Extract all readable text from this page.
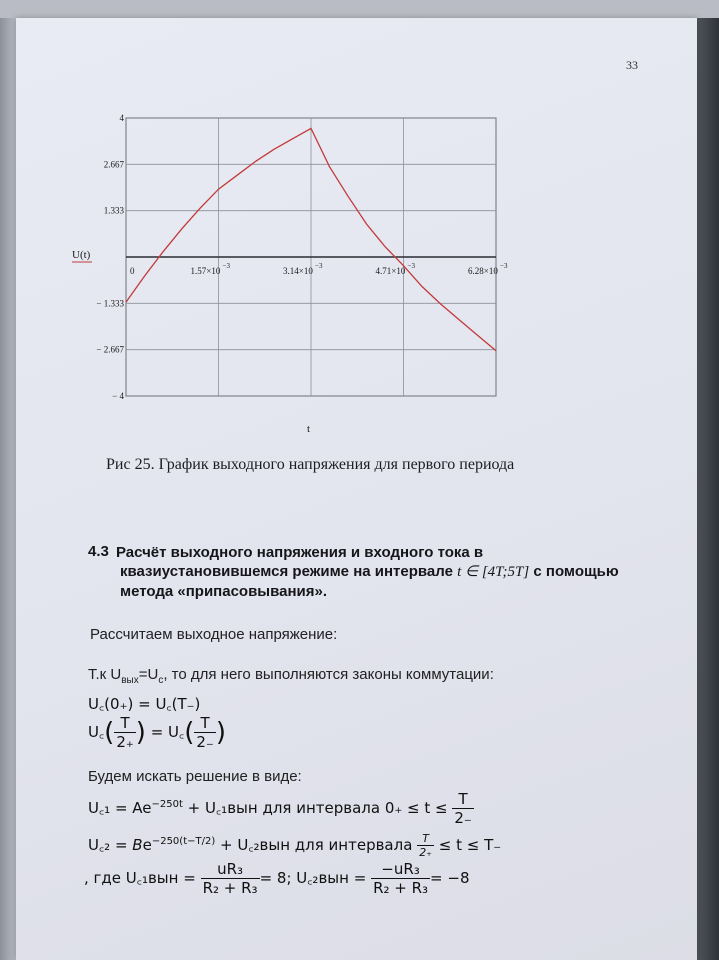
33
0	1.57×10 −3	3.14×10 −3	4.71×10 −3	6.28×10 −3
4
2.667
1.333
− 1.333
− 2.667
− 4
U(t)
t
Рис 25. График выходного напряжения для первого периода
4.3 Расчёт выходного напряжения и входного тока в
квазиустановившемся режиме на интервале t ∈ [4T;5T] с помощью
метода «припасовывания».
Рассчитаем выходное напряжение:
Т.к $U_{вых}=U_c$, то для него выполняются законы коммутации:
U꜀(0₊) = U꜀(T₋)
U꜀( $\frac{T}{2_+}$ ) = U꜀( $\frac{T}{2_-}$ )
Будем искать решение в виде:
U꜀₁ = $Ae^{-250t}$ + U꜀₁вын для интервала $0_+ \le t \le \frac{T}{2_-}$
U꜀₂ = $Be^{-250(t-T/2)}$ + U꜀₂вын для интервала $\frac{T}{2_+} \le t \le T_-$
, где U꜀₁вын = $\frac{\text{uR₃}}{\text{R₂ + R₃}} = 8$; U꜀₂вын = $\frac{\text{−uR₃}}{\text{R₂ + R₃}} = -8$
